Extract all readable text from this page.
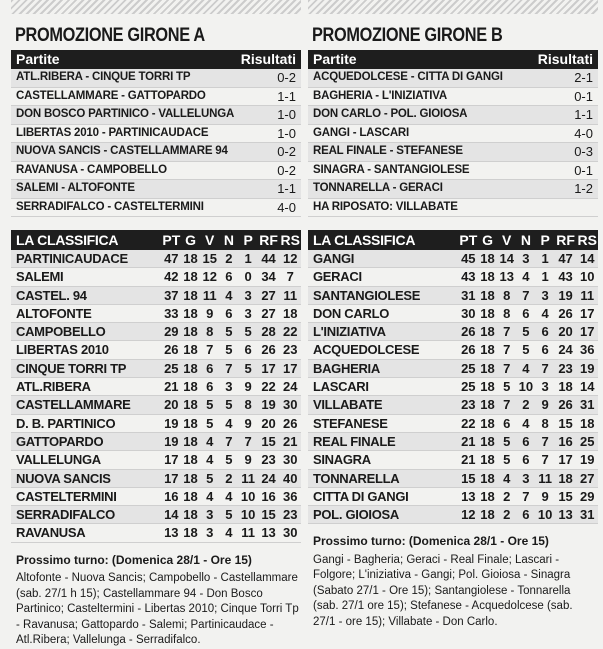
PROMOZIONE GIRONE A
Partite	Risultati
ATL.RIBERA - CINQUE TORRI TP	0-2
CASTELLAMMARE - GATTOPARDO	1-1
DON BOSCO PARTINICO - VALLELUNGA	1-0
LIBERTAS 2010 - PARTINICAUDACE	1-0
NUOVA SANCIS - CASTELLAMMARE 94	0-2
RAVANUSA - CAMPOBELLO	0-2
SALEMI - ALTOFONTE	1-1
SERRADIFALCO - CASTELTERMINI	4-0
LA CLASSIFICA	PT G V N P RF RS
PARTINICAUDACE	47 18 15 2 1 44 12
SALEMI	42 18 12 6 0 34 7
CASTEL. 94	37 18 11 4 3 27 11
ALTOFONTE	33 18 9 6 3 27 18
CAMPOBELLO	29 18 8 5 5 28 22
LIBERTAS 2010	26 18 7 5 6 26 23
CINQUE TORRI TP	25 18 6 7 5 17 17
ATL.RIBERA	21 18 6 3 9 22 24
CASTELLAMMARE	20 18 5 5 8 19 30
D. B. PARTINICO	19 18 5 4 9 20 26
GATTOPARDO	19 18 4 7 7 15 21
VALLELUNGA	17 18 4 5 9 23 30
NUOVA SANCIS	17 18 5 2 11 24 40
CASTELTERMINI	16 18 4 4 10 16 36
SERRADIFALCO	14 18 3 5 10 15 23
RAVANUSA	13 18 3 4 11 13 30
Prossimo turno: (Domenica 28/1 - Ore 15)

Altofonte - Nuova Sancis; Campobello - Castellammare (sab. 27/1 h 15); Castellammare 94 - Don Bosco Partinico; Casteltermini - Libertas 2010; Cinque Torri Tp - Ravanusa; Gattopardo - Salemi; Partinicaudace - Atl.Ribera; Vallelunga - Serradifalco.

PROMOZIONE GIRONE B
Partite	Risultati
ACQUEDOLCESE - CITTA DI GANGI	2-1
BAGHERIA - L'INIZIATIVA	0-1
DON CARLO - POL. GIOIOSA	1-1
GANGI - LASCARI	4-0
REAL FINALE - STEFANESE	0-3
SINAGRA - SANTANGIOLESE	0-1
TONNARELLA - GERACI	1-2
HA RIPOSATO: VILLABATE
LA CLASSIFICA	PT G V N P RF RS
GANGI	45 18 14 3 1 47 14
GERACI	43 18 13 4 1 43 10
SANTANGIOLESE	31 18 8 7 3 19 11
DON CARLO	30 18 8 6 4 26 17
L'INIZIATIVA	26 18 7 5 6 20 17
ACQUEDOLCESE	26 18 7 5 6 24 36
BAGHERIA	25 18 7 4 7 23 19
LASCARI	25 18 5 10 3 18 14
VILLABATE	23 18 7 2 9 26 31
STEFANESE	22 18 6 4 8 15 18
REAL FINALE	21 18 5 6 7 16 25
SINAGRA	21 18 5 6 7 17 19
TONNARELLA	15 18 4 3 11 18 27
CITTA DI GANGI	13 18 2 7 9 15 29
POL. GIOIOSA	12 18 2 6 10 13 31
Prossimo turno: (Domenica 28/1 - Ore 15)

Gangi - Bagheria; Geraci - Real Finale; Lascari - Folgore; L'iniziativa - Gangi; Pol. Gioiosa - Sinagra (Sabato 27/1 - Ore 15); Santangiolese - Tonnarella (sab. 27/1 ore 15); Stefanese - Acquedolcese (sab. 27/1 - ore 15); Villabate - Don Carlo.
